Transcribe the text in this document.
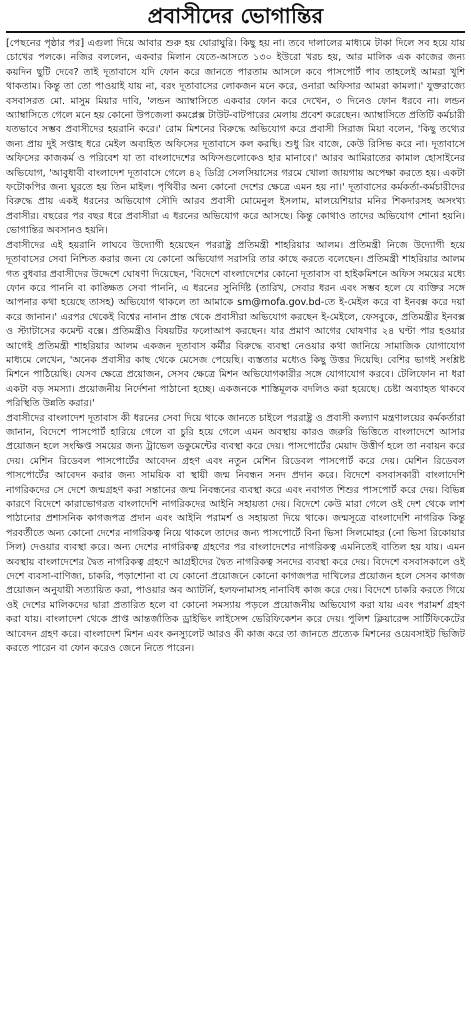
প্রবাসীদের ভোগান্তির

[পেছনের পৃষ্ঠার পর] এগুলা দিয়ে আবার শুরু হয় ঘোরাঘুরি। কিছু হয় না। তবে দালালের মাধ্যমে টাকা দিলে সব হয়ে যায় চোখের পলকে। নজির বললেন, একবার মিলান যেতে-আসতে ১৩০ ইউরো খরচ হয়, আর মালিক এক কাজের জন্য কয়দিন ছুটি দেবে? তাই দূতাবাসে যদি ফোন করে জানতে পারতাম আসলে কবে পাসপোর্ট পাব তাহলেই আমরা খুশি থাকতাম। কিন্তু তা তো পাওয়াই যায় না, বরং দূতাবাসের লোকজন মনে করে, ওনারা অফিসার আমরা কামলা।' যুক্তরাজ্যে বসবাসরত মো. মাসুম মিয়ার দাবি, 'লন্ডন অ্যাম্বাসিতে একবার ফোন করে দেখেন, ৩ দিনেও ফোন ধরবে না। লন্ডন অ্যাম্বাসিতে গেলে মনে হয় কোনো উপজেলা কমপ্লেক্স টাউট-বাটপারের মেলায় প্রবেশ করেছেন। অ্যাম্বাসিতে প্রতিটি কর্মচারী যতভাবে সম্ভব প্রবাসীদের হয়রানি করে।' রোম মিশনের বিরুদ্ধে অভিযোগ করে প্রবাসী সিরাজ মিয়া বলেন, 'কিছু তথ্যের জন্য প্রায় দুই সপ্তাহ ধরে মেইল অব্যহিত অফিসের দূতাবাসে কল করছি। শুধু রিং বাজে, কেউ রিসিভ করে না। দূতাবাসে অফিসের কাজকর্ম ও পরিবেশ যা তা বাংলাদেশের অফিসগুলোকেও হার মানাবে।' আরব আমিরাতের কামাল হোসাইনের অভিযোগ, 'আবুধাবী বাংলাদেশ দূতাবাসে গেলে ৪২ ডিগ্রি সেলসিয়াসের গরমে খোলা জায়গায় অপেক্ষা করতে হয়। একটা ফটোকপির জন্য ঘুরতে হয় তিন মাইল। পৃথিবীর অন্য কোনো দেশের ক্ষেত্রে এমন হয় না।' দূতাবাসের কর্মকর্তা-কর্মচারীদের বিরুদ্ধে প্রায় একই ধরনের অভিযোগ সৌদি আরব প্রবাসী মোমেনুল ইসলাম, মালয়েশিয়ার মনির শিকদারসহ অসংখ্য প্রবাসীর। বছরের পর বছর ধরে প্রবাসীরা এ ধরনের অভিযোগ করে আসছে। কিন্তু কোথাও তাদের অভিযোগ শোনা হয়নি। ভোগান্তির অবসানও হয়নি।

প্রবাসীদের এই হয়রানি লাঘবে উদ্যোগী হয়েছেন পররাষ্ট্র প্রতিমন্ত্রী শাহরিয়ার আলম। প্রতিমন্ত্রী নিজে উদ্যোগী হয়ে দূতাবাসের সেবা নিশ্চিত করার জন্য যে কোনো অভিযোগ সরাসরি তার কাছে করতে বলেছেন। প্রতিমন্ত্রী শাহরিয়ার আলম গত বুধবার প্রবাসীদের উদ্দেশে ঘোষণা দিয়েছেন, 'বিদেশে বাংলাদেশের কোনো দূতাবাস বা হাইকমিশনে অফিস সময়ের মধ্যে ফোন করে পাননি বা কাঙ্ক্ষিত সেবা পাননি, এ ধরনের সুনির্দিষ্ট (তারিখ, সেবার ধরন এবং সম্ভব হলে যে ব্যক্তির সঙ্গে আপনার কথা হয়েছে তাসহ) অভিযোগ থাকলে তা আমাকে sm@mofa.gov.bd-তে ই-মেইল করে বা ইনবক্স করে দয়া করে জানান।' এরপর থেকেই বিশ্বের নানান প্রান্ত থেকে প্রবাসীরা অভিযোগ করছেন ই-মেইলে, ফেসবুকে, প্রতিমন্ত্রীর ইনবক্স ও স্ট্যাটাসের কমেন্ট বক্সে। প্রতিমন্ত্রীও বিষয়টির ফলোআপ করছেন। যার প্রমাণ আগের ঘোষণার ২৪ ঘণ্টা পার হওয়ার আগেই প্রতিমন্ত্রী শাহরিয়ার আলম একজন দূতাবাস কর্মীর বিরুদ্ধে ব্যবস্থা নেওয়ার কথা জানিয়ে সামাজিক যোগাযোগ মাধ্যমে লেখেন, 'অনেক প্রবাসীর কাছ থেকে মেসেজ পেয়েছি। ব্যস্ততার মধ্যেও কিছু উত্তর দিয়েছি। বেশির ভাগই সংশ্লিষ্ট মিশনে পাঠিয়েছি। যেসব ক্ষেত্রে প্রয়োজন, সেসব ক্ষেত্রে মিশন অভিযোগকারীর সঙ্গে যোগাযোগ করবে। টেলিফোন না ধরা একটা বড় সমস্যা। প্রয়োজনীয় নির্দেশনা পাঠানো হচ্ছে। একজনকে শাস্তিমূলক বদলিও করা হয়েছে। চেষ্টা অব্যাহত থাকবে পরিস্থিতি উন্নতি করার।'

প্রবাসীদের বাংলাদেশ দূতাবাস কী ধরনের সেবা দিয়ে থাকে জানতে চাইলে পররাষ্ট্র ও প্রবাসী কল্যাণ মন্ত্রণালয়ের কর্মকর্তারা জানান, বিদেশে পাসপোর্ট হারিয়ে গেলে বা চুরি হয়ে গেলে এমন অবস্থায় কারও জরুরি ভিত্তিতে বাংলাদেশে আসার প্রয়োজন হলে সংক্ষিপ্ত সময়ের জন্য ট্রাভেল ডকুমেন্টের ব্যবস্থা করে দেয়। পাসপোর্টের মেয়াদ উত্তীর্ণ হলে তা নবায়ন করে দেয়। মেশিন রিডেবল পাসপোর্টের আবেদন গ্রহণ এবং নতুন মেশিন রিডেবল পাসপোর্ট করে দেয়। মেশিন রিডেবল পাসপোর্টের আবেদন করার জন্য সাময়িক বা স্থায়ী জন্ম নিবন্ধন সনদ প্রদান করে। বিদেশে বসবাসকারী বাংলাদেশি নাগরিকদের সে দেশে জন্মগ্রহণ করা সন্তানের জন্ম নিবন্ধনের ব্যবস্থা করে এবং নবাগত শিশুর পাসপোর্ট করে দেয়। বিভিন্ন কারণে বিদেশে কারাভোগরত বাংলাদেশি নাগরিকদের আইনি সহায়তা দেয়। বিদেশে কেউ মারা গেলে ওই দেশ থেকে লাশ পাঠানোর প্রশাসনিক কাগজপত্র প্রদান এবং আইনি পরামর্শ ও সহায়তা দিয়ে থাকে। জন্মসূত্রে বাংলাদেশি নাগরিক কিন্তু পরবর্তীতে অন্য কোনো দেশের নাগরিকত্ব নিয়ে থাকলে তাদের জন্য পাসপোর্টে বিনা ভিসা সিলমোহর (নো ভিসা রিকোয়ার সিল) দেওয়ার ব্যবস্থা করে। অন্য দেশের নাগরিকত্ব গ্রহণের পর বাংলাদেশের নাগরিকত্ব এমনিতেই বাতিল হয় যায়। এমন অবস্থায় বাংলাদেশের দ্বৈত নাগরিকত্ব গ্রহণে আগ্রহীদের দ্বৈত নাগরিকত্ব সনদের ব্যবস্থা করে দেয়। বিদেশে বসবাসকালে ওই দেশে ব্যবসা-বাণিজ্য, চাকরি, পড়াশোনা বা যে কোনো প্রয়োজনে কোনো কাগজপত্র দাখিলের প্রয়োজন হলে সেসব কাগজ প্রয়োজন অনুযায়ী সত্যায়িত করা, পাওয়ার অব অ্যাটর্নি, হলফনামাসহ নানাবিধ কাজ করে দেয়। বিদেশে চাকরি করতে গিয়ে ওই দেশের মালিকদের দ্বারা প্রতারিত হলে বা কোনো সমস্যায় পড়লে প্রয়োজনীয় অভিযোগ করা যায় এবং পরামর্শ গ্রহণ করা যায়। বাংলাদেশ থেকে প্রাপ্ত আন্তর্জাতিক ড্রাইভিং লাইসেন্স ভেরিফিকেশন করে দেয়। পুলিশ ক্লিয়ারেন্স সার্টিফিকেটের আবেদন গ্রহণ করে। বাংলাদেশ মিশন এবং কনস্যুলেট আরও কী কাজ করে তা জানতে প্রত্যেক মিশনের ওয়েবসাইট ভিজিট করতে পারেন বা ফোন করেও জেনে নিতে পারেন।
